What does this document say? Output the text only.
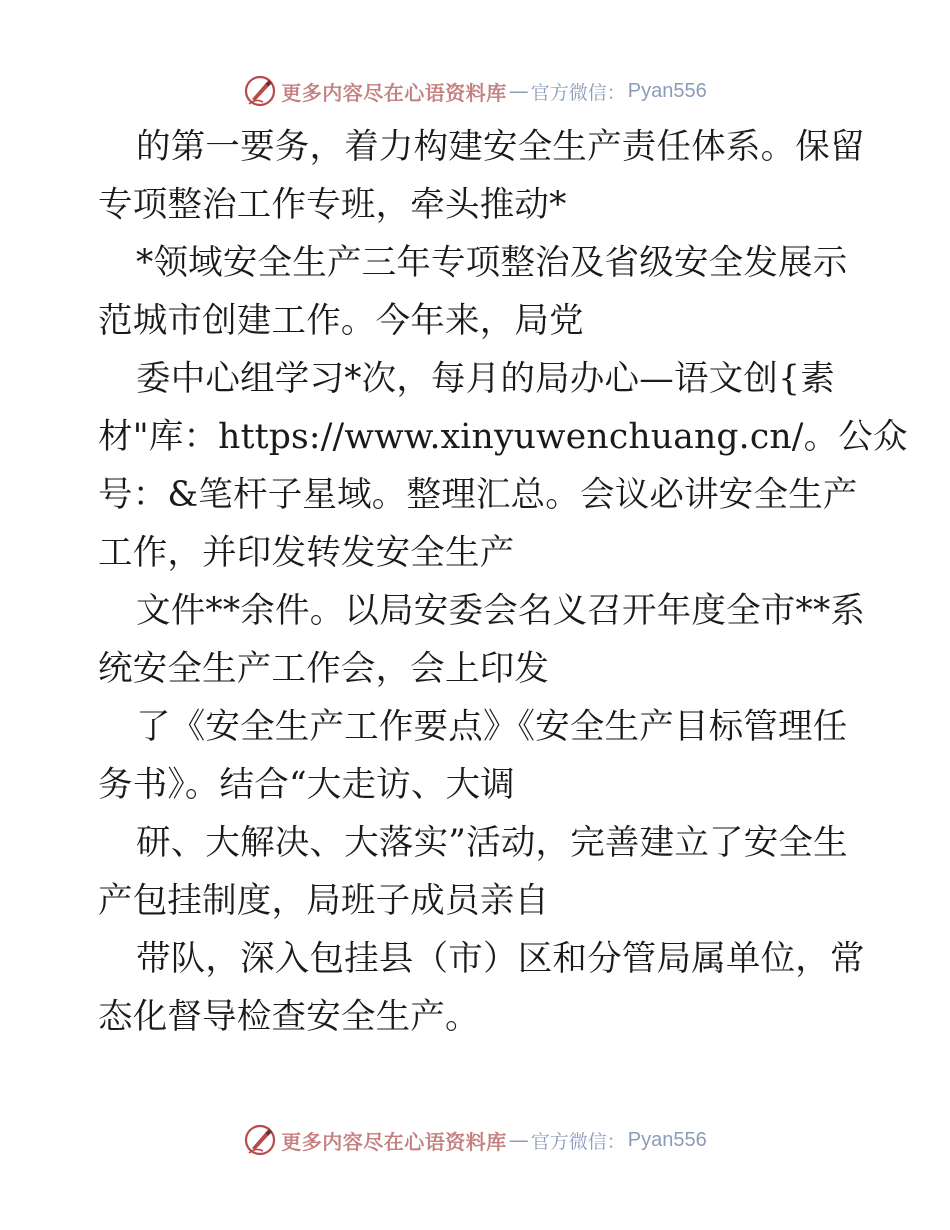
更多内容尽在心语资料库 — 官方微信： Pyan556
的第一要务，着力构建安全生产责任体系。保留
专项整治工作专班，牵头推动*
*领域安全生产三年专项整治及省级安全发展示
范城市创建工作。今年来，局党
委中心组学习*次，每月的局办心—语文创{素
材"库：https://www.xinyuwenchuang.cn/。公众
号：&笔杆子星域。整理汇总。会议必讲安全生产
工作，并印发转发安全生产
文件**余件。以局安委会名义召开年度全市**系
统安全生产工作会，会上印发
了《安全生产工作要点》《安全生产目标管理任
务书》。结合“大走访、大调
研、大解决、大落实”活动，完善建立了安全生
产包挂制度，局班子成员亲自
带队，深入包挂县（市）区和分管局属单位，常
态化督导检查安全生产。
更多内容尽在心语资料库 — 官方微信： Pyan556
